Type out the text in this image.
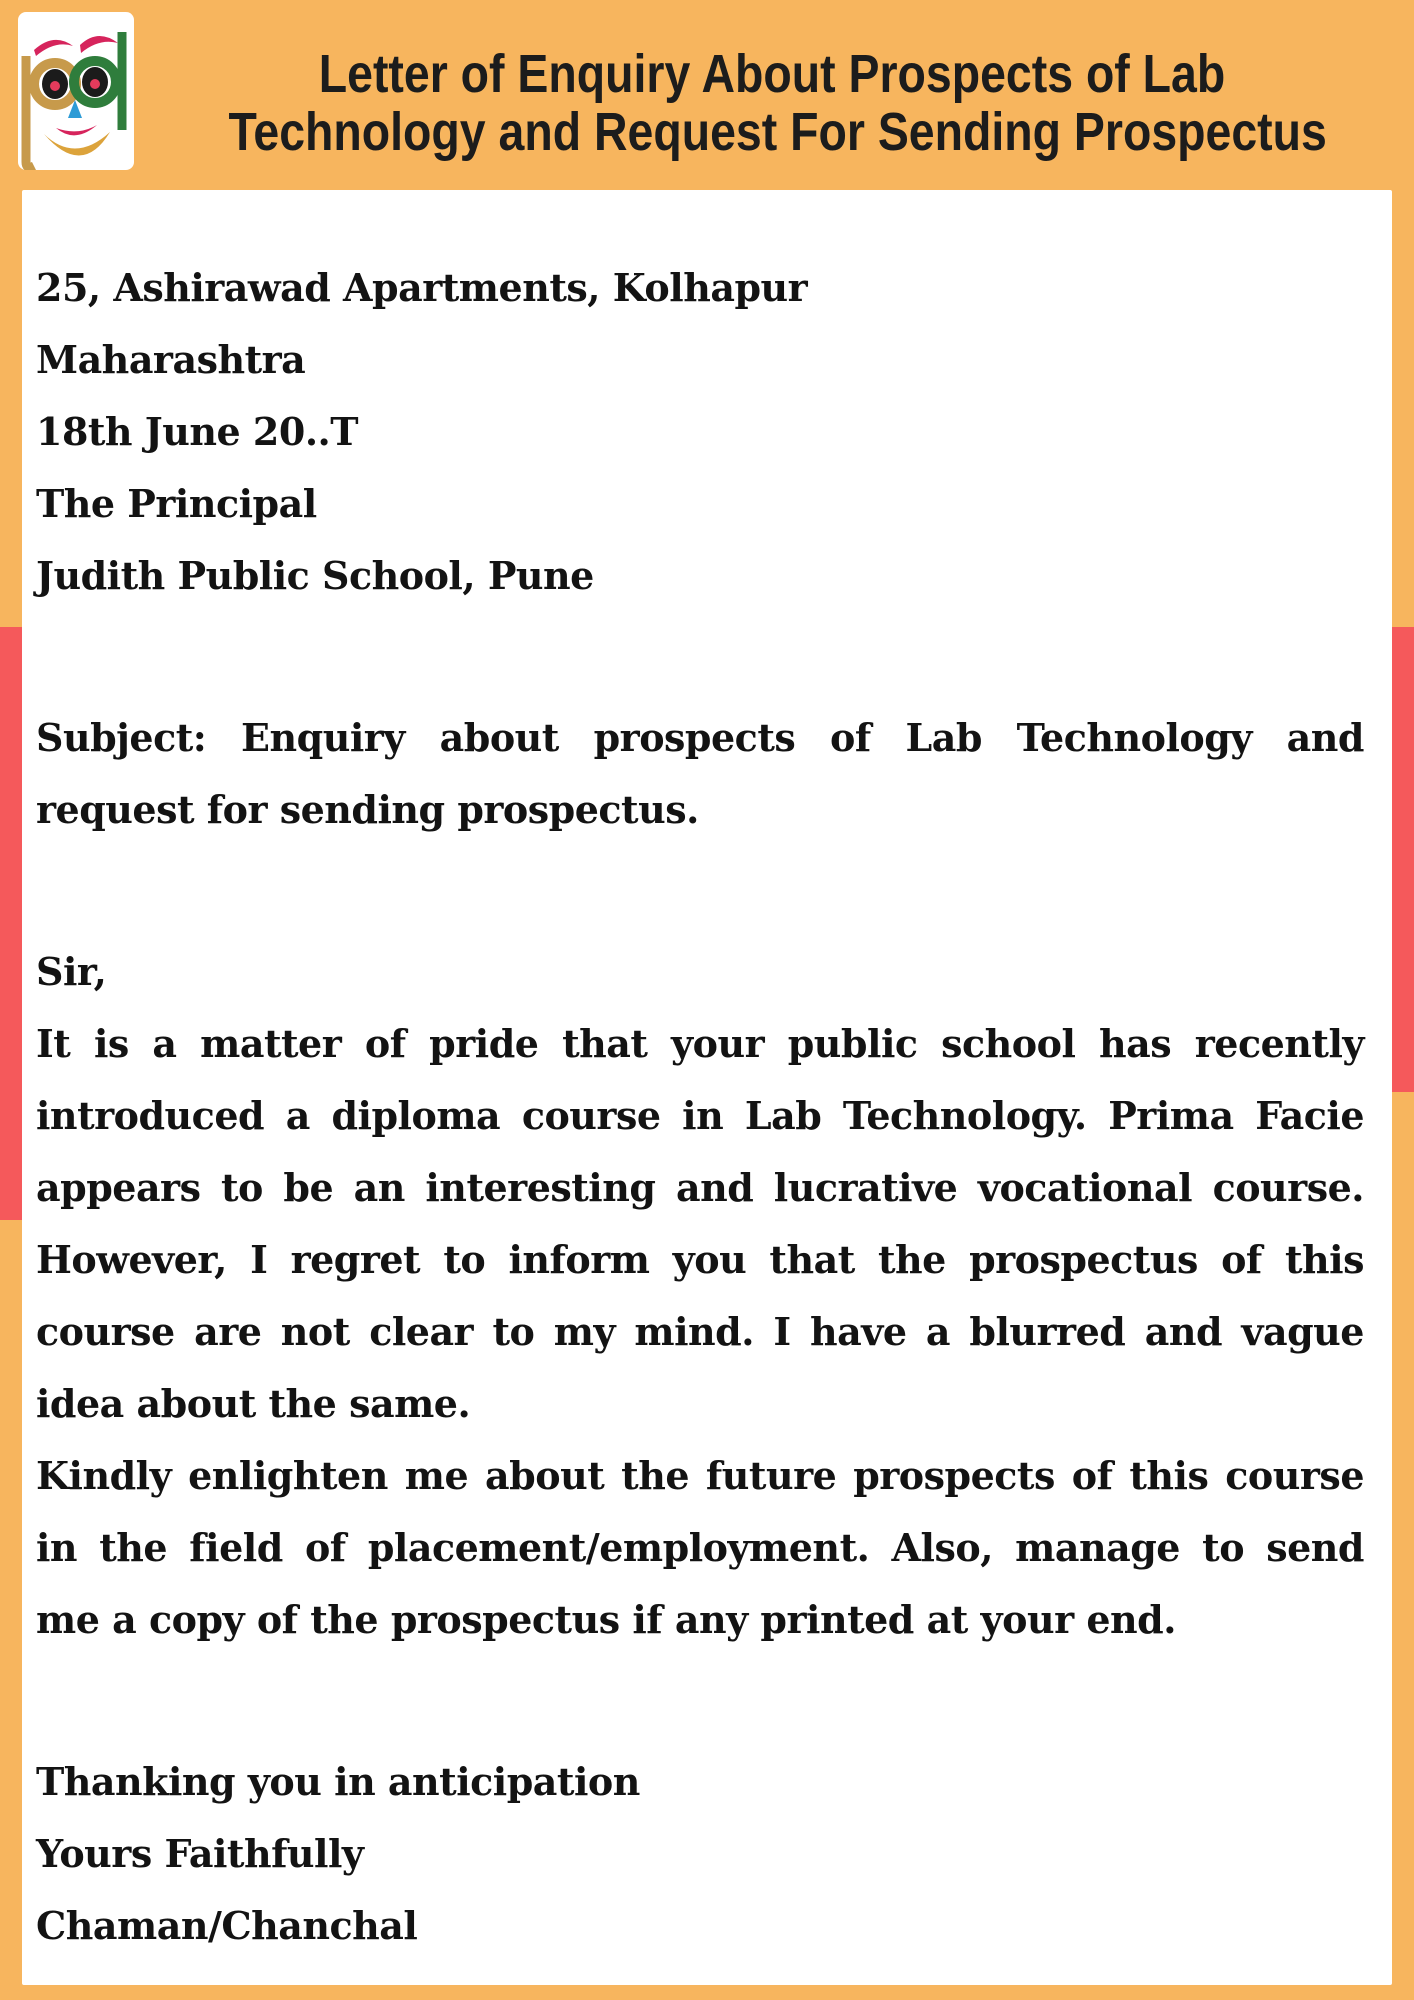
Letter of Enquiry About Prospects of Lab
Technology and Request For Sending Prospectus
25, Ashirawad Apartments, Kolhapur
Maharashtra
18th June 20..T
The Principal
Judith Public School, Pune
Subject: Enquiry about prospects of Lab Technology and
request for sending prospectus.
Sir,
It is a matter of pride that your public school has recently
introduced a diploma course in Lab Technology. Prima Facie
appears to be an interesting and lucrative vocational course.
However, I regret to inform you that the prospectus of this
course are not clear to my mind. I have a blurred and vague
idea about the same.
Kindly enlighten me about the future prospects of this course
in the field of placement/employment. Also, manage to send
me a copy of the prospectus if any printed at your end.
Thanking you in anticipation
Yours Faithfully
Chaman/Chanchal
